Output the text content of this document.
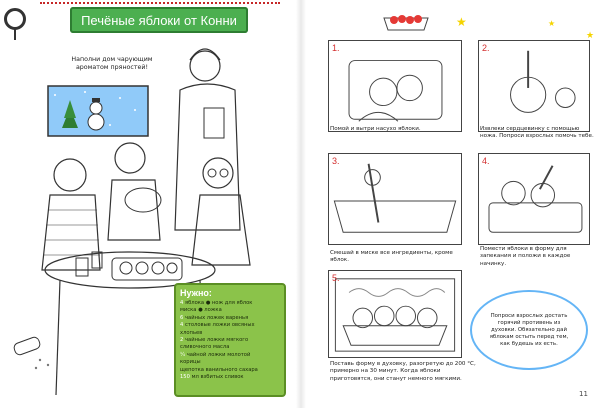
Печёные яблоки от Конни
Наполни дом чарующим ароматом пряностей!
Нужно:
4 яблока ● нож для яблок
миска ● ложка
6 чайных ложек варенья
4 столовые ложки овсяных
хлопьев
2 чайные ложки мягкого
сливочного масла
¼ чайной ложки молотой
корицы
щепотка ванильного сахара
150 мл взбитых сливок
★
★
★
1.
Помой и вытри насухо яблоки.
2.
Извлеки сердцевинку с помощью ножа. Попроси взрослых помочь тебе.
3.
Смешай в миске все ингредиенты, кроме яблок.
4.
Помести яблоки в форму для запекания и положи в каждое начинку.
5.
Поставь форму в духовку, разогретую до 200 °С, примерно на 30 минут. Когда яблоки приготовятся, они станут немного мягкими.
Попроси взрослых достать горячий противень из духовки. Обязательно дай яблокам остыть перед тем, как будешь их есть.
11
